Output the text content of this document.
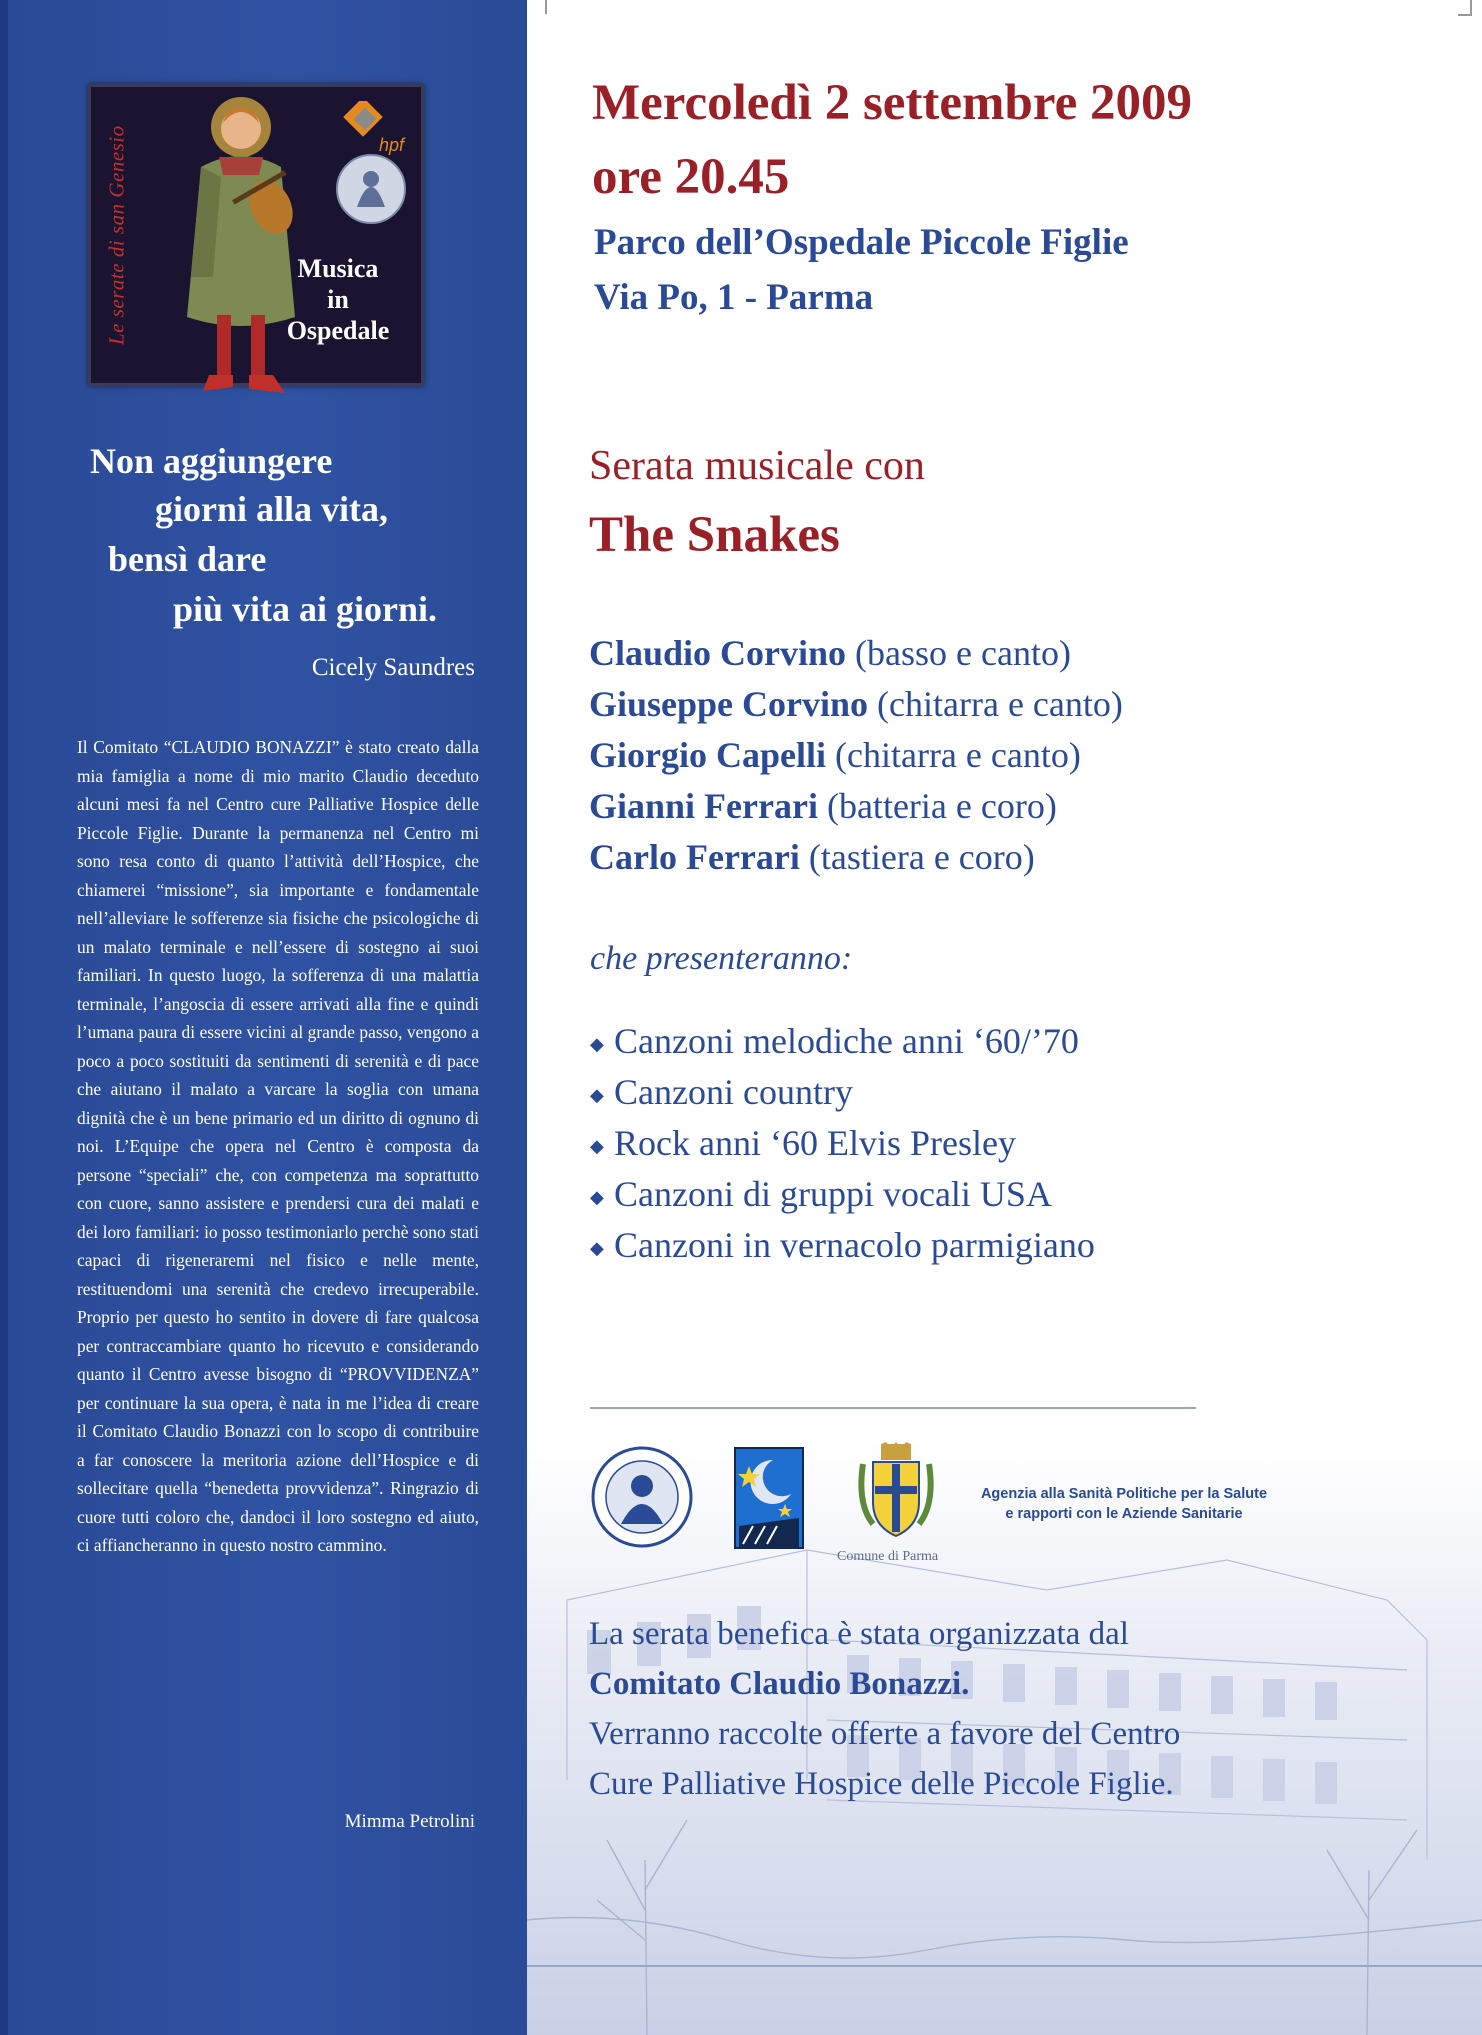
Le serate di san Genesio	hpf
Musica
in
Ospedale
Non aggiungere
giorni alla vita,
bensì dare
più vita ai giorni.
Cicely Saundres
Il Comitato “CLAUDIO BONAZZI” è stato creato dalla mia famiglia a nome di mio marito Claudio deceduto alcuni mesi fa nel Centro cure Palliative Hospice delle Piccole Figlie. Durante la permanenza nel Centro mi sono resa conto di quanto l’attività dell’Hospice, che chiamerei “missione”, sia importante e fondamentale nell’alleviare le sofferenze sia fisiche che psicologiche di un malato terminale e nell’essere di sostegno ai suoi familiari. In questo luogo, la sofferenza di una malattia terminale, l’angoscia di essere arrivati alla fine e quindi l’umana paura di essere vicini al grande passo, vengono a poco a poco sostituiti da sentimenti di serenità e di pace che aiutano il malato a varcare la soglia con umana dignità che è un bene primario ed un diritto di ognuno di noi. L’Equipe che opera nel Centro è composta da persone “speciali” che, con competenza ma soprattutto con cuore, sanno assistere e prendersi cura dei malati e dei loro familiari: io posso testimoniarlo perchè sono stati capaci di rigeneraremi nel fisico e nelle mente, restituendomi una serenità che credevo irrecuperabile. Proprio per questo ho sentito in dovere di fare qualcosa per contraccambiare quanto ho ricevuto e considerando quanto il Centro avesse bisogno di “PROVVIDENZA” per continuare la sua opera, è nata in me l’idea di creare il Comitato Claudio Bonazzi con lo scopo di contribuire a far conoscere la meritoria azione dell’Hospice e di sollecitare quella “benedetta provvidenza”. Ringrazio di cuore tutti coloro che, dandoci il loro sostegno ed aiuto, ci affiancheranno in questo nostro cammino.
Mimma Petrolini
Mercoledì 2 settembre 2009
ore 20.45
Parco dell’Ospedale Piccole Figlie
Via Po, 1 - Parma
Serata musicale con
The Snakes
Claudio Corvino (basso e canto)
Giuseppe Corvino (chitarra e canto)
Giorgio Capelli (chitarra e canto)
Gianni Ferrari (batteria e coro)
Carlo Ferrari (tastiera e coro)
che presenteranno:
◆ Canzoni melodiche anni ‘60/’70
◆ Canzoni country
◆ Rock anni ‘60 Elvis Presley
◆ Canzoni di gruppi vocali USA
◆ Canzoni in vernacolo parmigiano
Comune di Parma
Agenzia alla Sanità Politiche per la Salute
e rapporti con le Aziende Sanitarie
La serata benefica è stata organizzata dal
Comitato Claudio Bonazzi.
Verranno raccolte offerte a favore del Centro
Cure Palliative Hospice delle Piccole Figlie.
